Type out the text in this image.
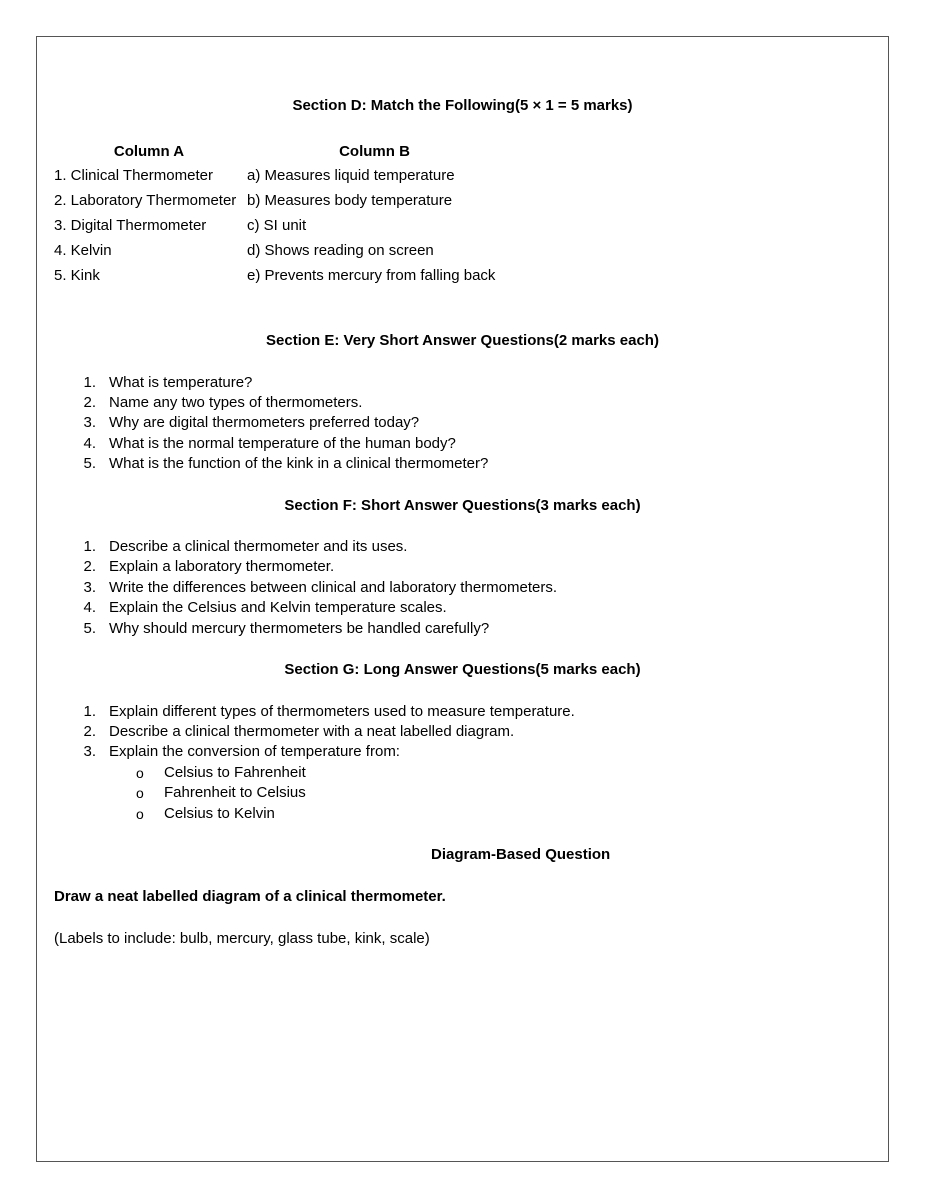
Section D: Match the Following(5 × 1 = 5 marks)
Column A	Column B
1. Clinical Thermometer a) Measures liquid temperature
2. Laboratory Thermometer b) Measures body temperature
3. Digital Thermometer	c) SI unit
4. Kelvin	d) Shows reading on screen
5. Kink	e) Prevents mercury from falling back
Section E: Very Short Answer Questions(2 marks each)
1. What is temperature?
2. Name any two types of thermometers.
3. Why are digital thermometers preferred today?
4. What is the normal temperature of the human body?
5. What is the function of the kink in a clinical thermometer?
Section F: Short Answer Questions(3 marks each)
1. Describe a clinical thermometer and its uses.
2. Explain a laboratory thermometer.
3. Write the differences between clinical and laboratory thermometers.
4. Explain the Celsius and Kelvin temperature scales.
5. Why should mercury thermometers be handled carefully?
Section G: Long Answer Questions(5 marks each)
1. Explain different types of thermometers used to measure temperature.
2. Describe a clinical thermometer with a neat labelled diagram.
3. Explain the conversion of temperature from:
o Celsius to Fahrenheit
o Fahrenheit to Celsius
o Celsius to Kelvin
Diagram-Based Question
Draw a neat labelled diagram of a clinical thermometer.
(Labels to include: bulb, mercury, glass tube, kink, scale)
